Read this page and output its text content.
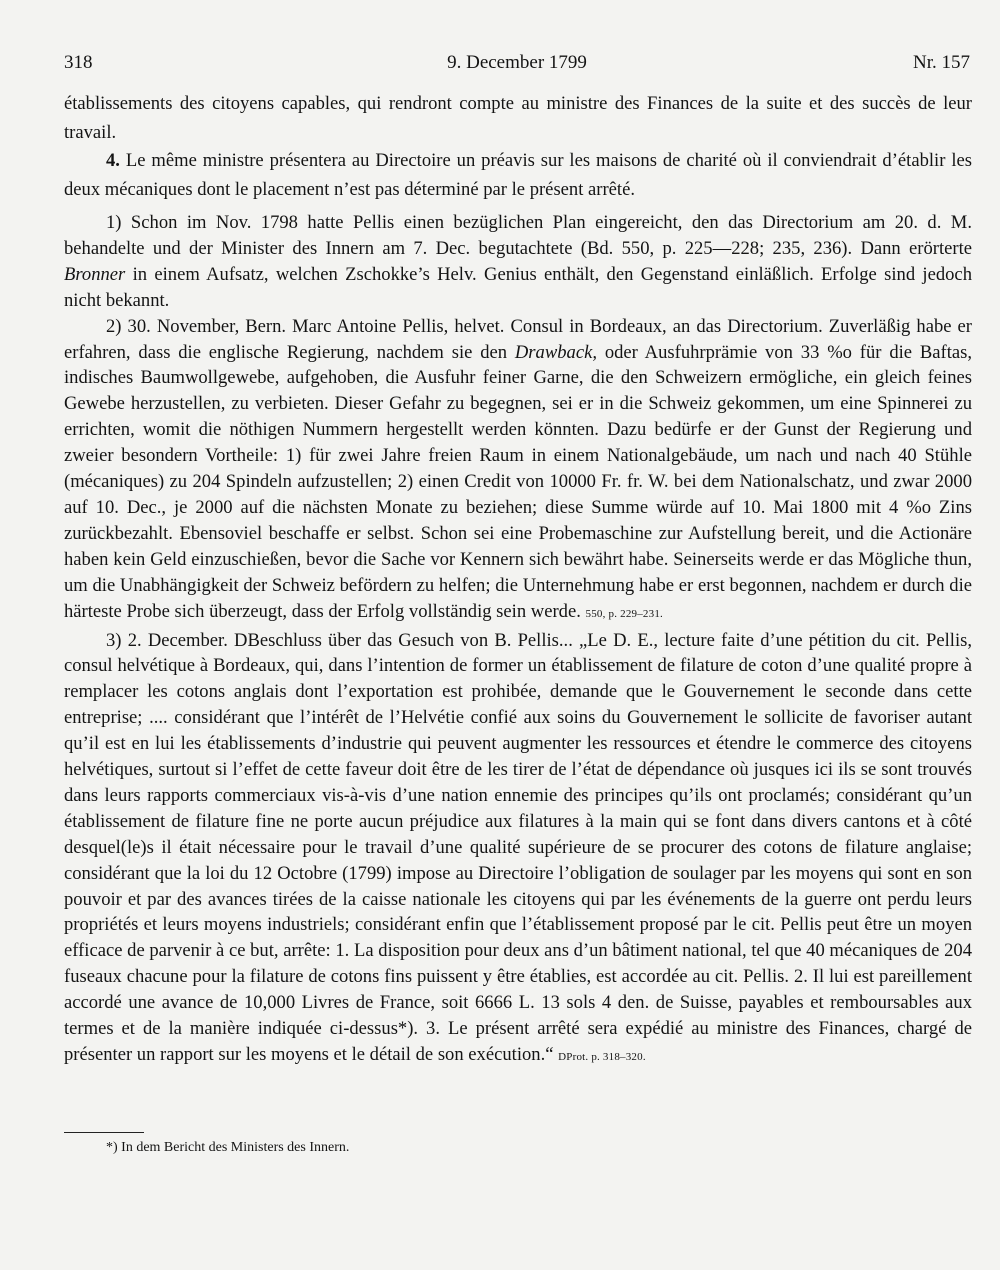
318	9. December 1799	Nr. 157

établissements des citoyens capables, qui rendront compte au ministre des Finances de la suite et des succès de leur travail.

4. Le même ministre présentera au Directoire un préavis sur les maisons de charité où il conviendrait d’établir les deux mécaniques dont le placement n’est pas déterminé par le présent arrêté.

1) Schon im Nov. 1798 hatte Pellis einen bezüglichen Plan eingereicht, den das Directorium am 20. d. M. behandelte und der Minister des Innern am 7. Dec. begutachtete (Bd. 550, p. 225—228; 235, 236). Dann erörterte Bronner in einem Aufsatz, welchen Zschokke’s Helv. Genius enthält, den Gegenstand einläßlich. Erfolge sind jedoch nicht bekannt.

2) 30. November, Bern. Marc Antoine Pellis, helvet. Consul in Bordeaux, an das Directorium. Zuverläßig habe er erfahren, dass die englische Regierung, nachdem sie den Drawback, oder Ausfuhrprämie von 33 %o für die Baftas, indisches Baumwollgewebe, aufgehoben, die Ausfuhr feiner Garne, die den Schweizern ermögliche, ein gleich feines Gewebe herzustellen, zu verbieten. Dieser Gefahr zu begegnen, sei er in die Schweiz gekommen, um eine Spinnerei zu errichten, womit die nöthigen Nummern hergestellt werden könnten. Dazu bedürfe er der Gunst der Regierung und zweier besondern Vortheile: 1) für zwei Jahre freien Raum in einem Nationalgebäude, um nach und nach 40 Stühle (mécaniques) zu 204 Spindeln aufzustellen; 2) einen Credit von 10000 Fr. fr. W. bei dem Nationalschatz, und zwar 2000 auf 10. Dec., je 2000 auf die nächsten Monate zu beziehen; diese Summe würde auf 10. Mai 1800 mit 4 %o Zins zurückbezahlt. Ebensoviel beschaffe er selbst. Schon sei eine Probemaschine zur Aufstellung bereit, und die Actionäre haben kein Geld einzuschießen, bevor die Sache vor Kennern sich bewährt habe. Seinerseits werde er das Mögliche thun, um die Unabhängigkeit der Schweiz befördern zu helfen; die Unternehmung habe er erst begonnen, nachdem er durch die härteste Probe sich überzeugt, dass der Erfolg vollständig sein werde. 550, p. 229–231.

3) 2. December. DBeschluss über das Gesuch von B. Pellis... „Le D. E., lecture faite d’une pétition du cit. Pellis, consul helvétique à Bordeaux, qui, dans l’intention de former un établissement de filature de coton d’une qualité propre à remplacer les cotons anglais dont l’exportation est prohibée, demande que le Gouvernement le seconde dans cette entreprise; .... considérant que l’intérêt de l’Helvétie confié aux soins du Gouvernement le sollicite de favoriser autant qu’il est en lui les établissements d’industrie qui peuvent augmenter les ressources et étendre le commerce des citoyens helvétiques, surtout si l’effet de cette faveur doit être de les tirer de l’état de dépendance où jusques ici ils se sont trouvés dans leurs rapports commerciaux vis-à-vis d’une nation ennemie des principes qu’ils ont proclamés; considérant qu’un établissement de filature fine ne porte aucun préjudice aux filatures à la main qui se font dans divers cantons et à côté desquel(le)s il était nécessaire pour le travail d’une qualité supérieure de se procurer des cotons de filature anglaise; considérant que la loi du 12 Octobre (1799) impose au Directoire l’obligation de soulager par les moyens qui sont en son pouvoir et par des avances tirées de la caisse nationale les citoyens qui par les événements de la guerre ont perdu leurs propriétés et leurs moyens industriels; considérant enfin que l’établissement proposé par le cit. Pellis peut être un moyen efficace de parvenir à ce but, arrête: 1. La disposition pour deux ans d’un bâtiment national, tel que 40 mécaniques de 204 fuseaux chacune pour la filature de cotons fins puissent y être établies, est accordée au cit. Pellis. 2. Il lui est pareillement accordé une avance de 10,000 Livres de France, soit 6666 L. 13 sols 4 den. de Suisse, payables et remboursables aux termes et de la manière indiquée ci-dessus*). 3. Le présent arrêté sera expédié au ministre des Finances, chargé de présenter un rapport sur les moyens et le détail de son exécution.“ DProt. p. 318–320.

*) In dem Bericht des Ministers des Innern.
